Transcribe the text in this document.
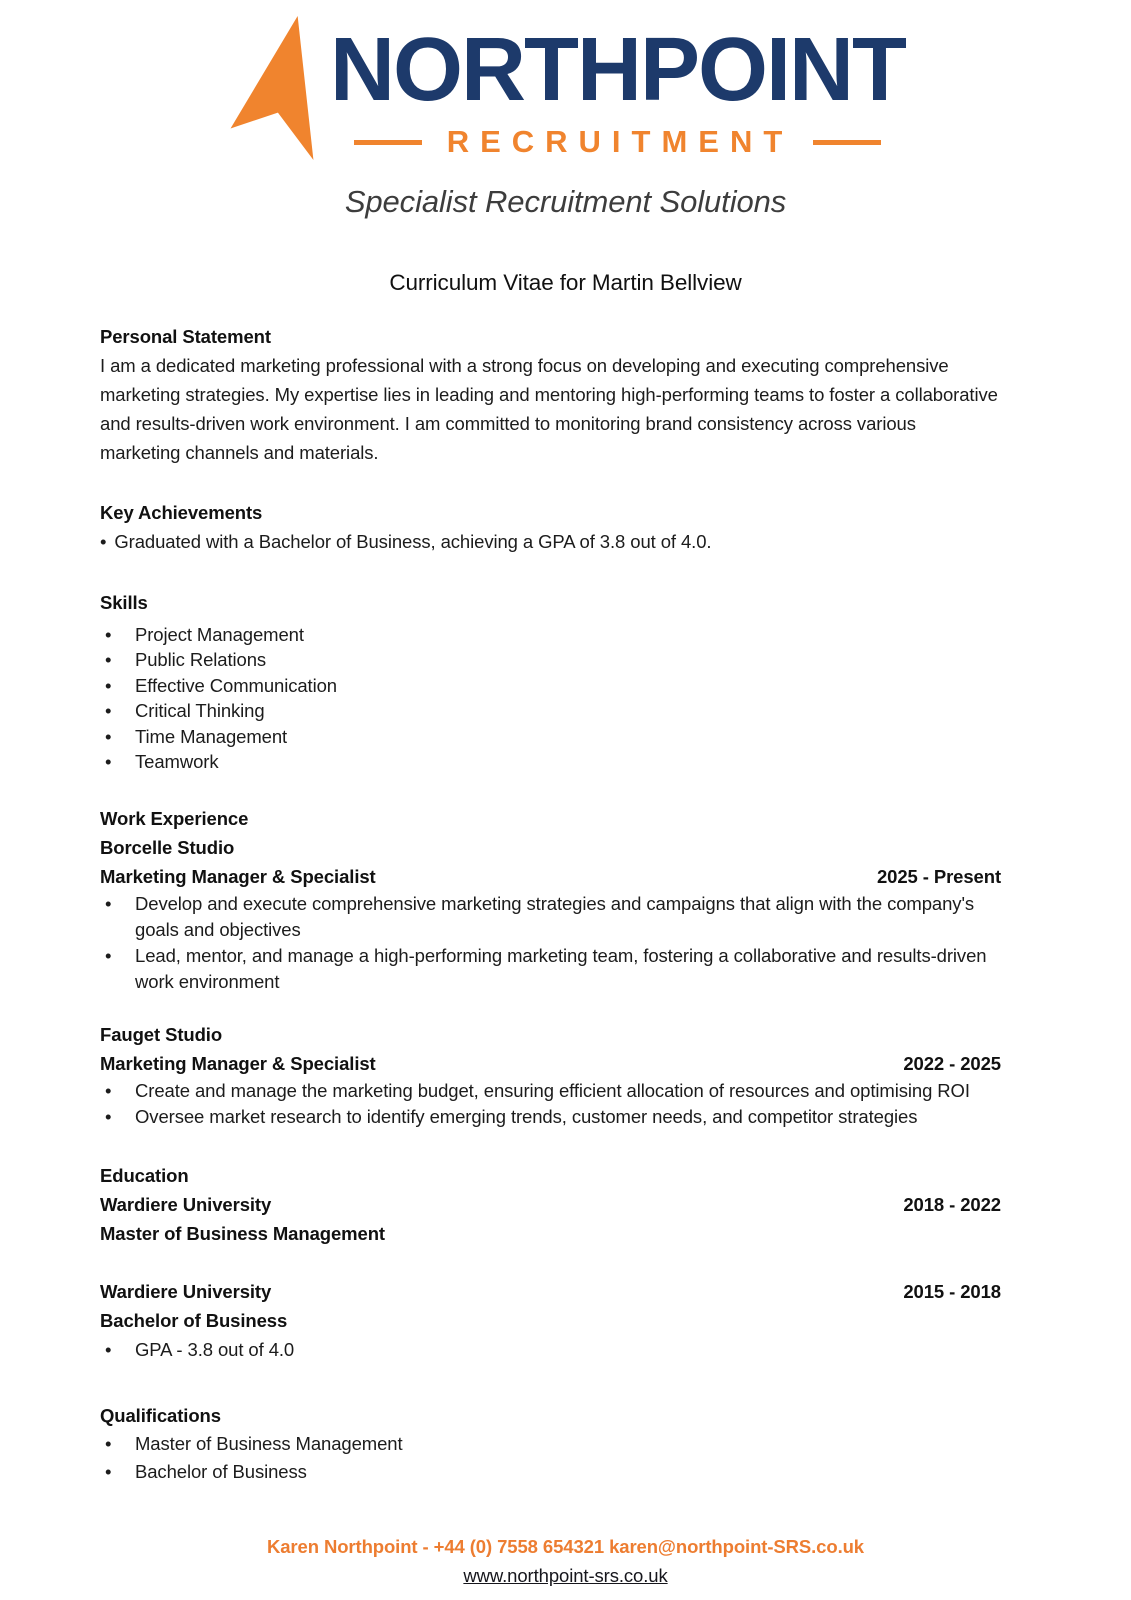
NORTHPOINT
RECRUITMENT
Specialist Recruitment Solutions
Curriculum Vitae for Martin Bellview
Personal Statement

I am a dedicated marketing professional with a strong focus on developing and executing comprehensive marketing strategies. My expertise lies in leading and mentoring high-performing teams to foster a collaborative and results-driven work environment. I am committed to monitoring brand consistency across various marketing channels and materials.

Key Achievements
• Graduated with a Bachelor of Business, achieving a GPA of 3.8 out of 4.0.
Skills
• Project Management
• Public Relations
• Effective Communication
• Critical Thinking
• Time Management
• Teamwork
Work Experience
Borcelle Studio
Marketing Manager & Specialist	2025 - Present
• Develop and execute comprehensive marketing strategies and campaigns that align with the company's goals and objectives
• Lead, mentor, and manage a high-performing marketing team, fostering a collaborative and results-driven work environment
Fauget Studio
Marketing Manager & Specialist	2022 - 2025
• Create and manage the marketing budget, ensuring efficient allocation of resources and optimising ROI
• Oversee market research to identify emerging trends, customer needs, and competitor strategies
Education
Wardiere University	2018 - 2022
Master of Business Management
Wardiere University	2015 - 2018
Bachelor of Business
• GPA - 3.8 out of 4.0
Qualifications
• Master of Business Management
• Bachelor of Business
Karen Northpoint - +44 (0) 7558 654321 karen@northpoint-SRS.co.uk
www.northpoint-srs.co.uk
